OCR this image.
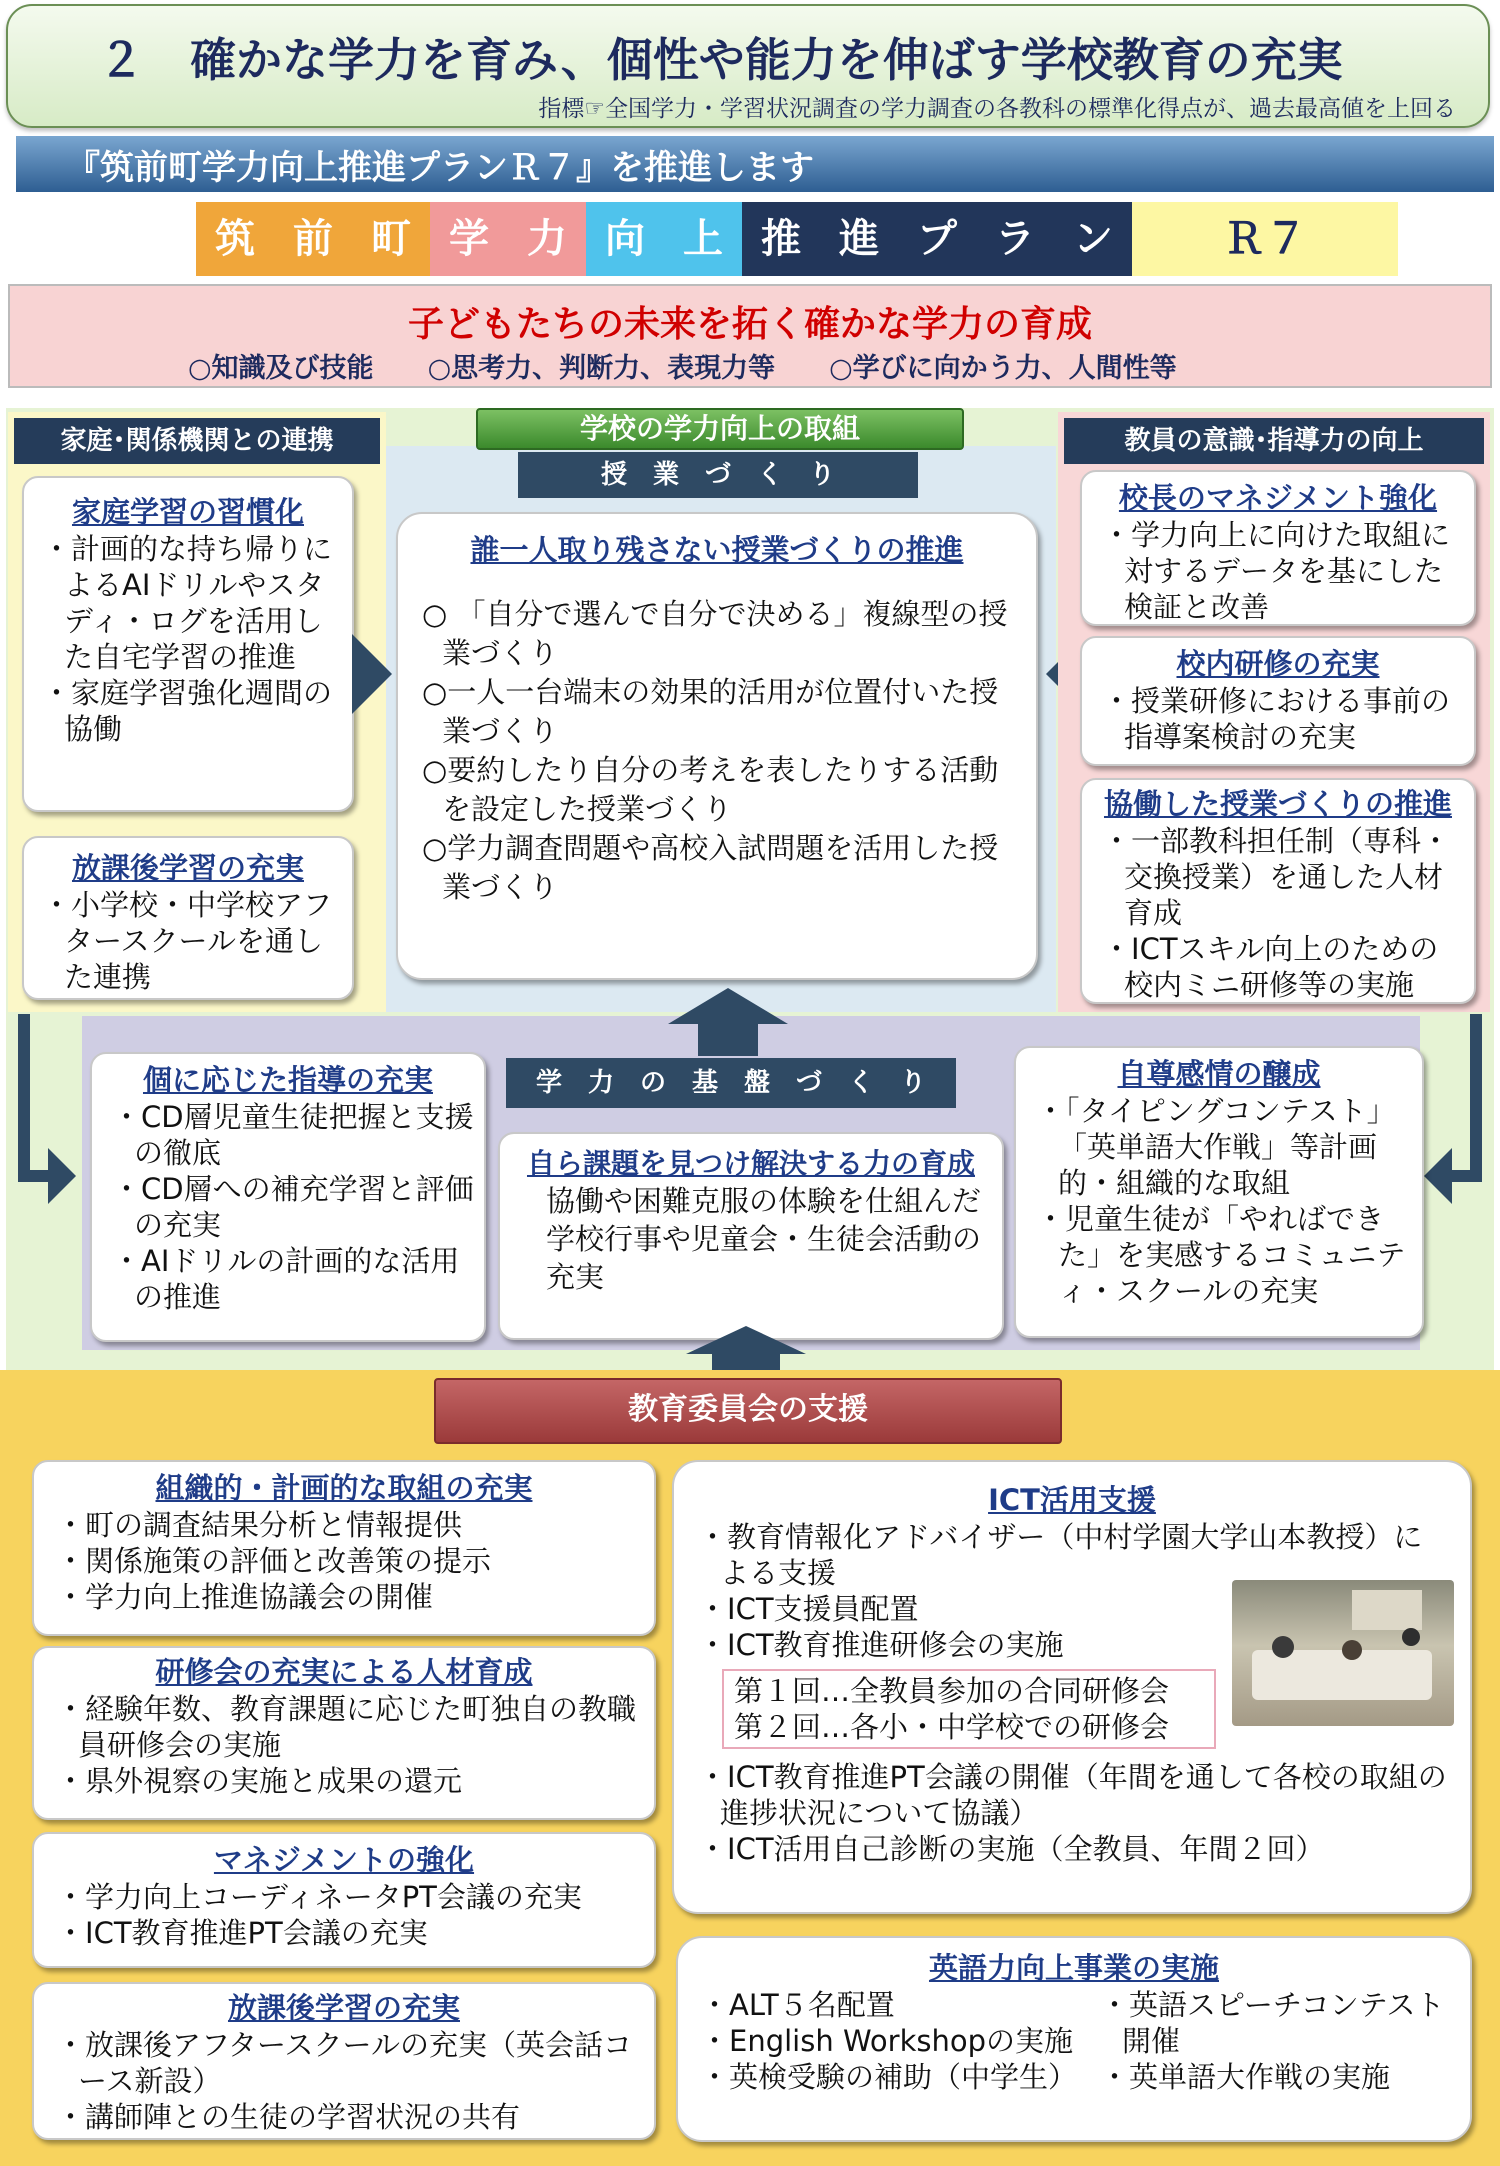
２　確かな学力を育み、個性や能力を伸ばす学校教育の充実
指標☞全国学力・学習状況調査の学力調査の各教科の標準化得点が、過去最高値を上回る
『筑前町学力向上推進プランＲ７』を推進します
筑 前 町 学 力 向 上 推 進 プ ラ ン	Ｒ７
子どもたちの未来を拓く確かな学力の育成
○知識及び技能 ○思考力、判断力、表現力等 ○学びに向かう力、人間性等
家庭･関係機関との連携
家庭学習の習慣化
・ 計画的な持ち帰りによるAIドリルやスタディ・ログを活用した自宅学習の推進
・ 家庭学習強化週間の協働
放課後学習の充実
・ 小学校・中学校アフタースクールを通した連携
学校の学力向上の取組
授　業　づ　く　り
誰一人取り残さない授業づくりの推進
○ 「自分で選んで自分で決める」複線型の授業づくり
○一人一台端末の効果的活用が位置付いた授業づくり
○要約したり自分の考えを表したりする活動を設定した授業づくり
○学力調査問題や高校入試問題を活用した授業づくり
教員の意識･指導力の向上
校長のマネジメント強化
・ 学力向上に向けた取組に対するデータを基にした検証と改善
校内研修の充実
・ 授業研修における事前の指導案検討の充実
協働した授業づくりの推進
・ 一部教科担任制（専科・交換授業）を通した人材育成
・ ICTスキル向上のための校内ミニ研修等の実施
学　力　の　基　盤　づ　く　り
個に応じた指導の充実
・ CD層児童生徒把握と支援の徹底
・ CD層への補充学習と評価の充実
・ AIドリルの計画的な活用の推進
自ら課題を見つけ解決する力の育成
協働や困難克服の体験を仕組んだ学校行事や児童会・生徒会活動の充実
自尊感情の醸成
・ 「タイピングコンテスト」「英単語大作戦」等計画的・組織的な取組
・ 児童生徒が「やればできた」を実感するコミュニティ・スクールの充実
教育委員会の支援
組織的・計画的な取組の充実
・ 町の調査結果分析と情報提供
・ 関係施策の評価と改善策の提示
・ 学力向上推進協議会の開催
研修会の充実による人材育成
・ 経験年数、教育課題に応じた町独自の教職員研修会の実施
・ 県外視察の実施と成果の還元
マネジメントの強化
・ 学力向上コーディネータPT会議の充実
・ ICT教育推進PT会議の充実
放課後学習の充実
・ 放課後アフタースクールの充実（英会話コース新設）
・ 講師陣との生徒の学習状況の共有
ICT活用支援
・ 教育情報化アドバイザー（中村学園大学山本教授）による支援
・ ICT支援員配置
・ ICT教育推進研修会の実施
第１回…全教員参加の合同研修会
第２回…各小・中学校での研修会
・ ICT教育推進PT会議の開催（年間を通して各校の取組の進捗状況について協議）
・ ICT活用自己診断の実施（全教員、年間２回）
英語力向上事業の実施
・ ALT５名配置
・ English Workshopの実施
・ 英検受験の補助（中学生）
・ 英語スピーチコンテスト開催
・ 英単語大作戦の実施
